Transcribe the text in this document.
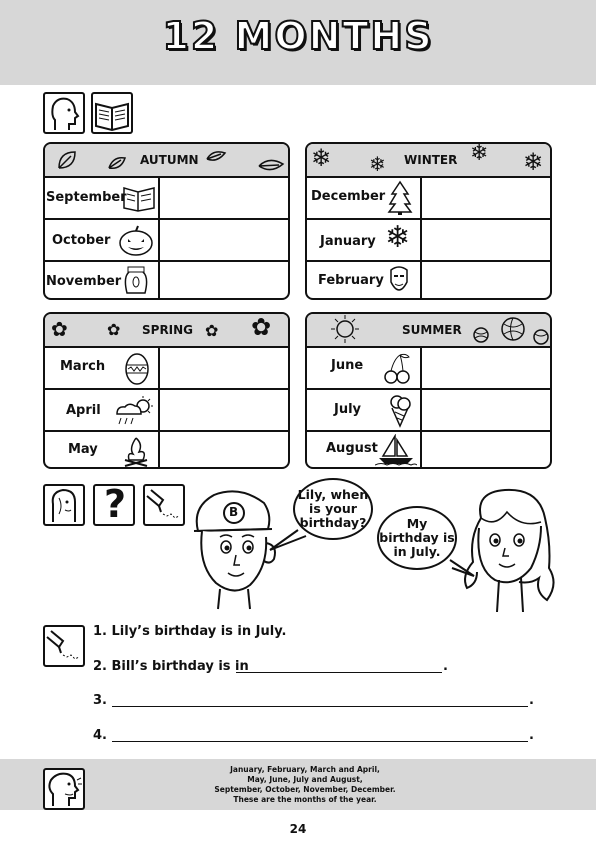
12 MONTHS
AUTUMN
September
October
November
❄ ❄ WINTER ❄ ❄
December
January ❄
February
✿ ✿ SPRING ✿ ✿
March
April
May
SUMMER
June
July
August
?	B
Lily, when
is your
birthday?	My
birthday is
in July.
1. Lily’s birthday is in July.
2. Bill’s birthday is in	.
3.	.
4.	.
January, February, March and April,
May, June, July and August,
September, October, November, December.
These are the months of the year.
24
